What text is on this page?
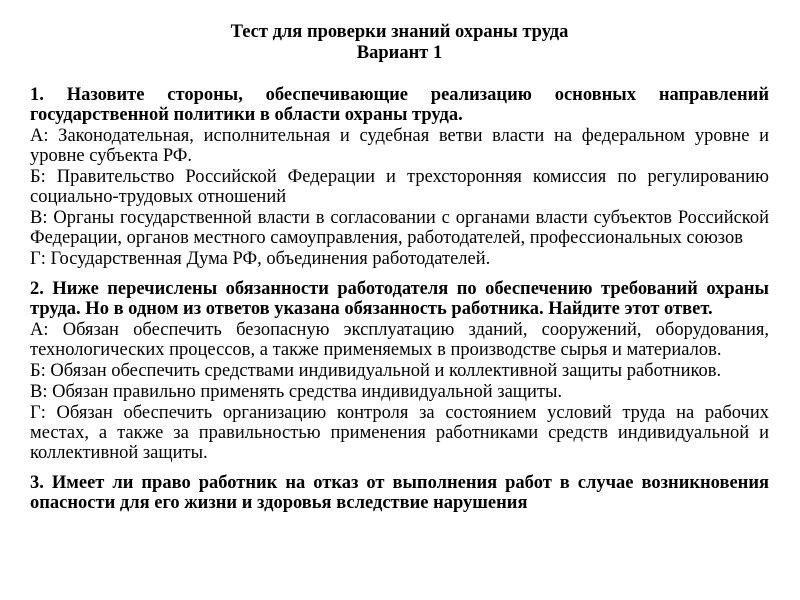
Тест для проверки знаний охраны труда
Вариант 1

1. Назовите стороны, обеспечивающие реализацию основных направлений государственной политики в области охраны труда.

А: Законодательная, исполнительная и судебная ветви власти на федеральном уровне и уровне субъекта РФ.

Б: Правительство Российской Федерации и трехсторонняя комиссия по регулированию социально-трудовых отношений

В: Органы государственной власти в согласовании с органами власти субъектов Российской Федерации, органов местного самоуправления, работодателей, профессиональных союзов

Г: Государственная Дума РФ, объединения работодателей.

2. Ниже перечислены обязанности работодателя по обеспечению требований охраны труда. Но в одном из ответов указана обязанность работника. Найдите этот ответ.

А: Обязан обеспечить безопасную эксплуатацию зданий, сооружений, оборудования, технологических процессов, а также применяемых в производстве сырья и материалов.

Б: Обязан обеспечить средствами индивидуальной и коллективной защиты работников.

В: Обязан правильно применять средства индивидуальной защиты.

Г: Обязан обеспечить организацию контроля за состоянием условий труда на рабочих местах, а также за правильностью применения работниками средств индивидуальной и коллективной защиты.

3. Имеет ли право работник на отказ от выполнения работ в случае возникновения опасности для его жизни и здоровья вследствие нарушения
